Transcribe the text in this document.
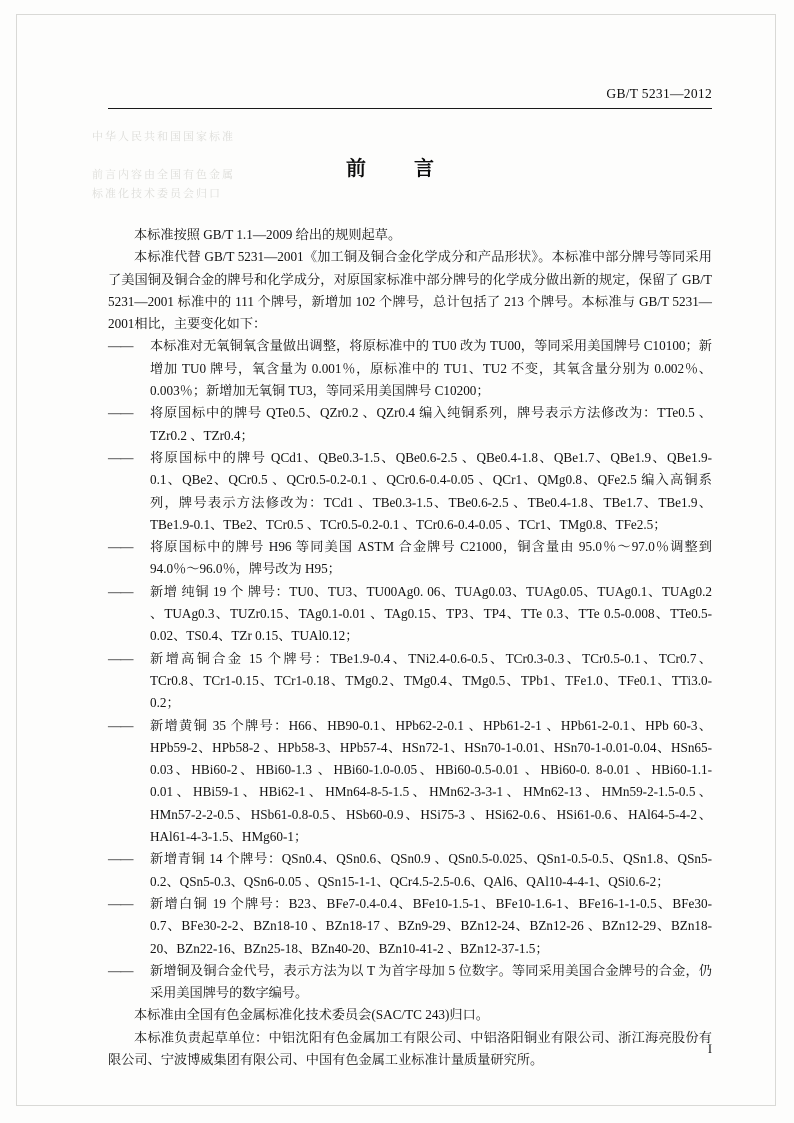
中华人民共和国国家标准

前言内容由全国有色金属
标准化技术委员会归口
GB/T 5231—2012
前　言

本标准按照 GB/T 1.1—2009 给出的规则起草。

本标准代替 GB/T 5231—2001《加工铜及铜合金化学成分和产品形状》。本标准中部分牌号等同采用了美国铜及铜合金的牌号和化学成分，对原国家标准中部分牌号的化学成分做出新的规定，保留了 GB/T 5231—2001 标准中的 111 个牌号，新增加 102 个牌号，总计包括了 213 个牌号。本标准与 GB/T 5231—2001相比，主要变化如下：

—— 本标准对无氧铜氧含量做出调整，将原标准中的 TU0 改为 TU00，等同采用美国牌号 C10100；新增加 TU0 牌号，氧含量为 0.001％，原标准中的 TU1、TU2 不变，其氧含量分别为 0.002％、0.003％；新增加无氧铜 TU3，等同采用美国牌号 C10200；

—— 将原国标中的牌号 QTe0.5、QZr0.2 、QZr0.4 编入纯铜系列，牌号表示方法修改为：TTe0.5 、TZr0.2 、TZr0.4；

—— 将原国标中的牌号 QCd1、QBe0.3-1.5、QBe0.6-2.5 、QBe0.4-1.8、QBe1.7、QBe1.9、QBe1.9-0.1、QBe2、QCr0.5 、QCr0.5-0.2-0.1 、QCr0.6-0.4-0.05 、QCr1、QMg0.8、QFe2.5 编入高铜系列，牌号表示方法修改为：TCd1 、TBe0.3-1.5、TBe0.6-2.5 、TBe0.4-1.8、TBe1.7、TBe1.9、TBe1.9-0.1、TBe2、TCr0.5 、TCr0.5-0.2-0.1 、TCr0.6-0.4-0.05 、TCr1、TMg0.8、TFe2.5；

—— 将原国标中的牌号 H96 等同美国 ASTM 合金牌号 C21000，铜含量由 95.0％～97.0％调整到 94.0％～96.0％，牌号改为 H95；

—— 新增 纯铜 19 个 牌号：TU0、TU3、TU00Ag0. 06、TUAg0.03、TUAg0.05、TUAg0.1、TUAg0.2 、TUAg0.3、TUZr0.15、TAg0.1-0.01 、TAg0.15、TP3、TP4、TTe 0.3、TTe 0.5-0.008、TTe0.5-0.02、TS0.4、TZr 0.15、TUAl0.12；

—— 新增高铜合金 15 个牌号：TBe1.9-0.4、TNi2.4-0.6-0.5、TCr0.3-0.3、TCr0.5-0.1、TCr0.7、TCr0.8、TCr1-0.15、TCr1-0.18、TMg0.2、TMg0.4、TMg0.5、TPb1、TFe1.0、TFe0.1、TTi3.0-0.2；

—— 新增黄铜 35 个牌号：H66、HB90-0.1、HPb62-2-0.1 、HPb61-2-1 、HPb61-2-0.1、HPb 60-3、HPb59-2、HPb58-2 、HPb58-3、HPb57-4、HSn72-1、HSn70-1-0.01、HSn70-1-0.01-0.04、HSn65-0.03、HBi60-2、HBi60-1.3 、HBi60-1.0-0.05、HBi60-0.5-0.01 、HBi60-0. 8-0.01 、HBi60-1.1-0.01、HBi59-1、HBi62-1、HMn64-8-5-1.5、HMn62-3-3-1、HMn62-13、HMn59-2-1.5-0.5、HMn57-2-2-0.5、HSb61-0.8-0.5、HSb60-0.9、HSi75-3 、HSi62-0.6、HSi61-0.6、HAl64-5-4-2、HAl61-4-3-1.5、HMg60-1；

—— 新增青铜 14 个牌号：QSn0.4、QSn0.6、QSn0.9 、QSn0.5-0.025、QSn1-0.5-0.5、QSn1.8、QSn5-0.2、QSn5-0.3、QSn6-0.05 、QSn15-1-1、QCr4.5-2.5-0.6、QAl6、QAl10-4-4-1、QSi0.6-2；

—— 新增白铜 19 个牌号：B23、BFe7-0.4-0.4、BFe10-1.5-1、BFe10-1.6-1、BFe16-1-1-0.5、BFe30-0.7、BFe30-2-2、BZn18-10 、BZn18-17 、BZn9-29、BZn12-24、BZn12-26 、BZn12-29、BZn18-20、BZn22-16、BZn25-18、BZn40-20、BZn10-41-2 、BZn12-37-1.5；

—— 新增铜及铜合金代号，表示方法为以 T 为首字母加 5 位数字。等同采用美国合金牌号的合金，仍采用美国牌号的数字编号。

本标准由全国有色金属标准化技术委员会(SAC/TC 243)归口。

本标准负责起草单位：中铝沈阳有色金属加工有限公司、中铝洛阳铜业有限公司、浙江海亮股份有限公司、宁波博威集团有限公司、中国有色金属工业标准计量质量研究所。

I
